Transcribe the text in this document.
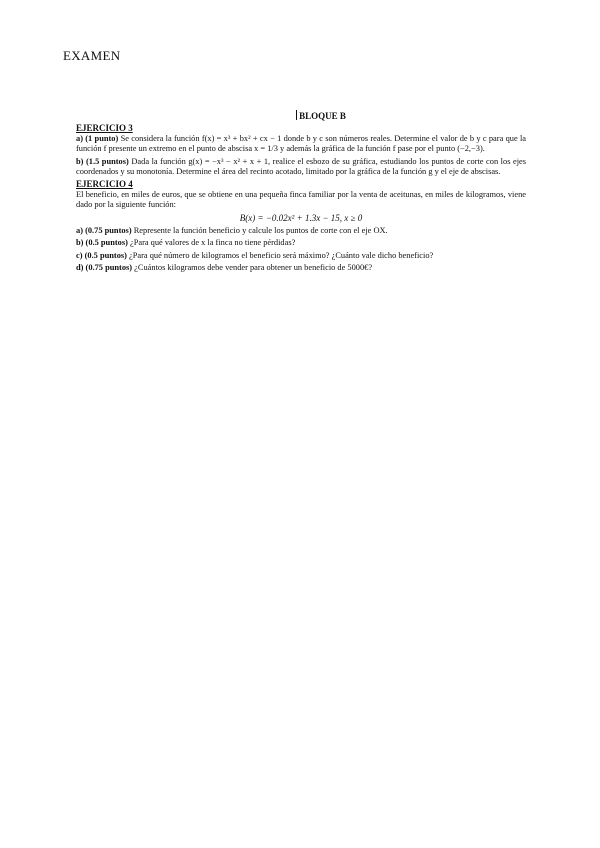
EXAMEN
BLOQUE B
EJERCICIO 3

a) (1 punto) Se considera la función f(x) = x³ + bx² + cx − 1 donde b y c son números reales. Determine el valor de b y c para que la función f presente un extremo en el punto de abscisa x = 1/3 y además la gráfica de la función f pase por el punto (−2,−3).

b) (1.5 puntos) Dada la función g(x) = −x³ − x² + x + 1, realice el esbozo de su gráfica, estudiando los puntos de corte con los ejes coordenados y su monotonía. Determine el área del recinto acotado, limitado por la gráfica de la función g y el eje de abscisas.

EJERCICIO 4

El beneficio, en miles de euros, que se obtiene en una pequeña finca familiar por la venta de aceitunas, en miles de kilogramos, viene dado por la siguiente función:

B(x) = −0.02x² + 1.3x − 15, x ≥ 0

a) (0.75 puntos) Represente la función beneficio y calcule los puntos de corte con el eje OX.

b) (0.5 puntos) ¿Para qué valores de x la finca no tiene pérdidas?

c) (0.5 puntos) ¿Para qué número de kilogramos el beneficio será máximo? ¿Cuánto vale dicho beneficio?

d) (0.75 puntos) ¿Cuántos kilogramos debe vender para obtener un beneficio de 5000€?
